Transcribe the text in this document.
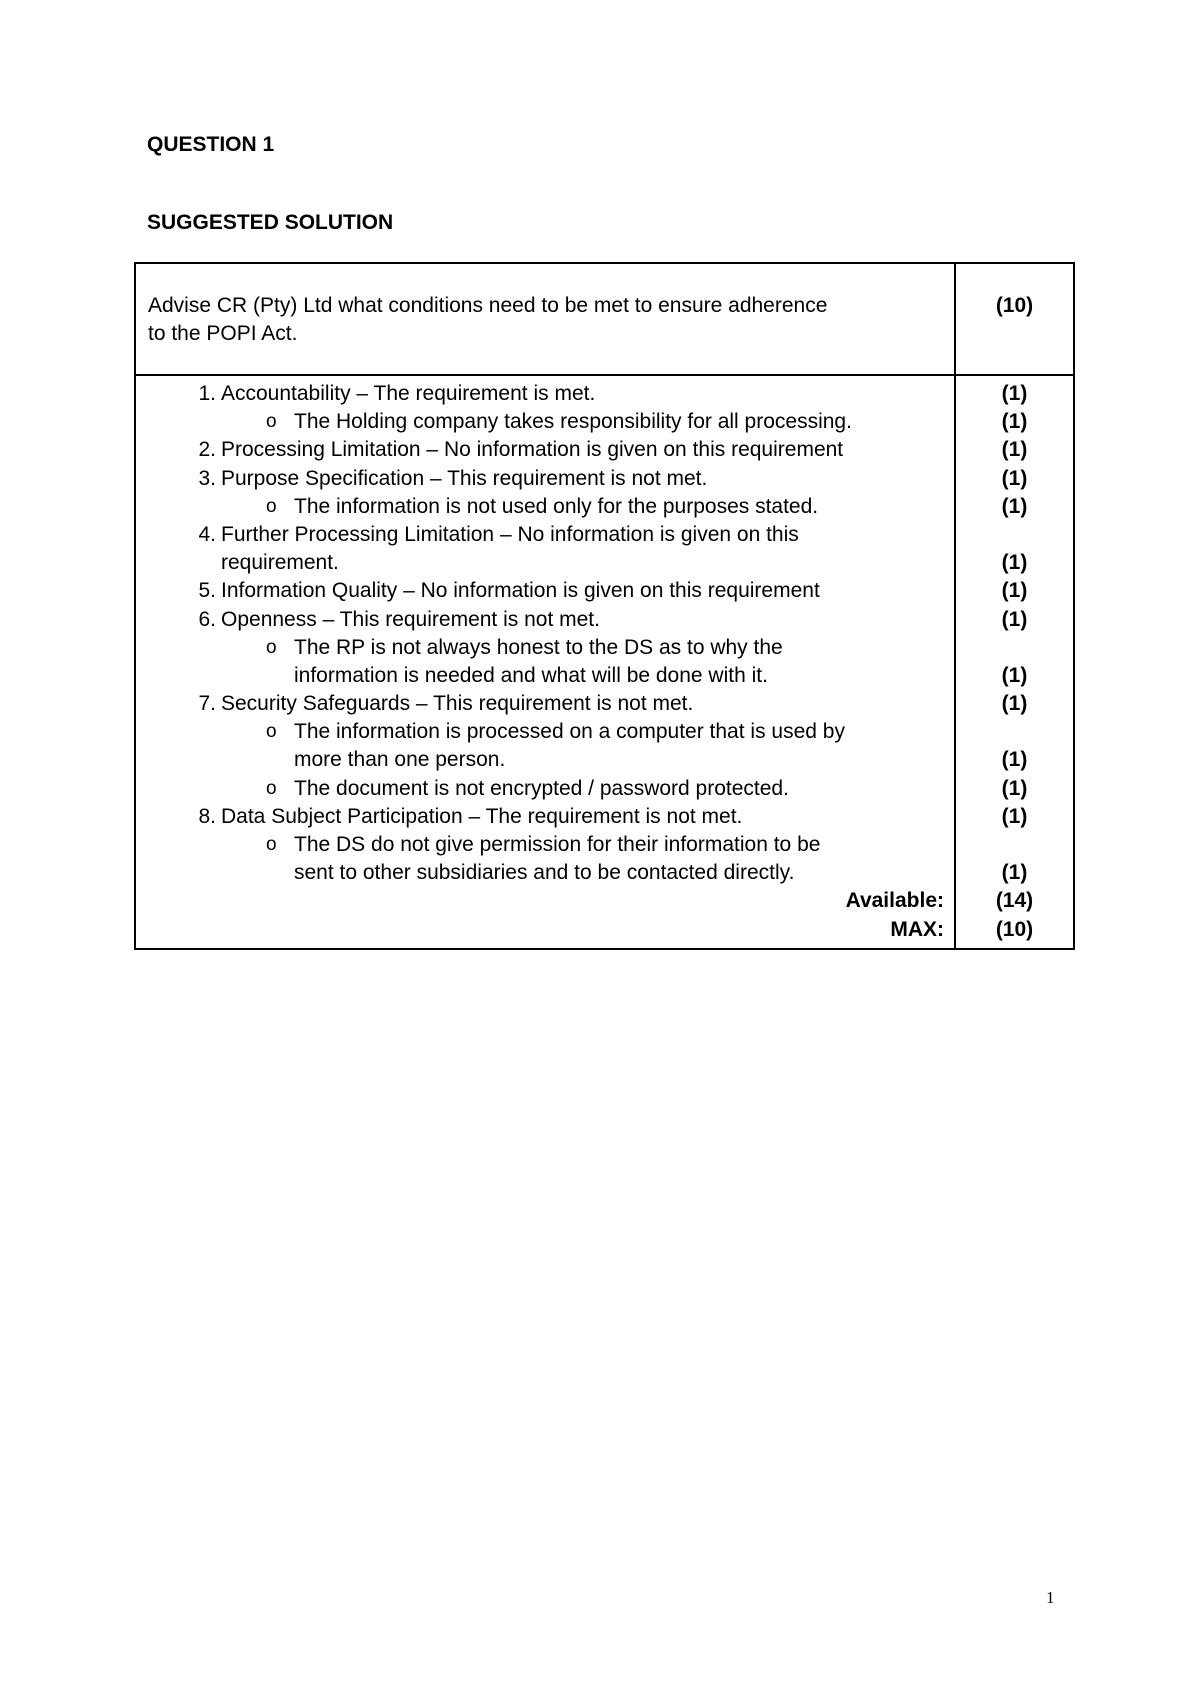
QUESTION 1
SUGGESTED SOLUTION
Advise CR (Pty) Ltd what conditions need to be met to ensure adherence
to the POPI Act.
(10)
1. Accountability – The requirement is met.
o The Holding company takes responsibility for all processing.
2. Processing Limitation – No information is given on this requirement
3. Purpose Specification – This requirement is not met.
o The information is not used only for the purposes stated.
4. Further Processing Limitation – No information is given on this
requirement.
5. Information Quality – No information is given on this requirement
6. Openness – This requirement is not met.
o The RP is not always honest to the DS as to why the
information is needed and what will be done with it.
7. Security Safeguards – This requirement is not met.
o The information is processed on a computer that is used by
more than one person.
o The document is not encrypted / password protected.
8. Data Subject Participation – The requirement is not met.
o The DS do not give permission for their information to be
sent to other subsidiaries and to be contacted directly.
Available:
MAX:
(1)
(1)
(1)
(1)
(1)
(1)
(1)
(1)
(1)
(1)
(1)
(1)
(1)
(1)
(14)
(10)
1
